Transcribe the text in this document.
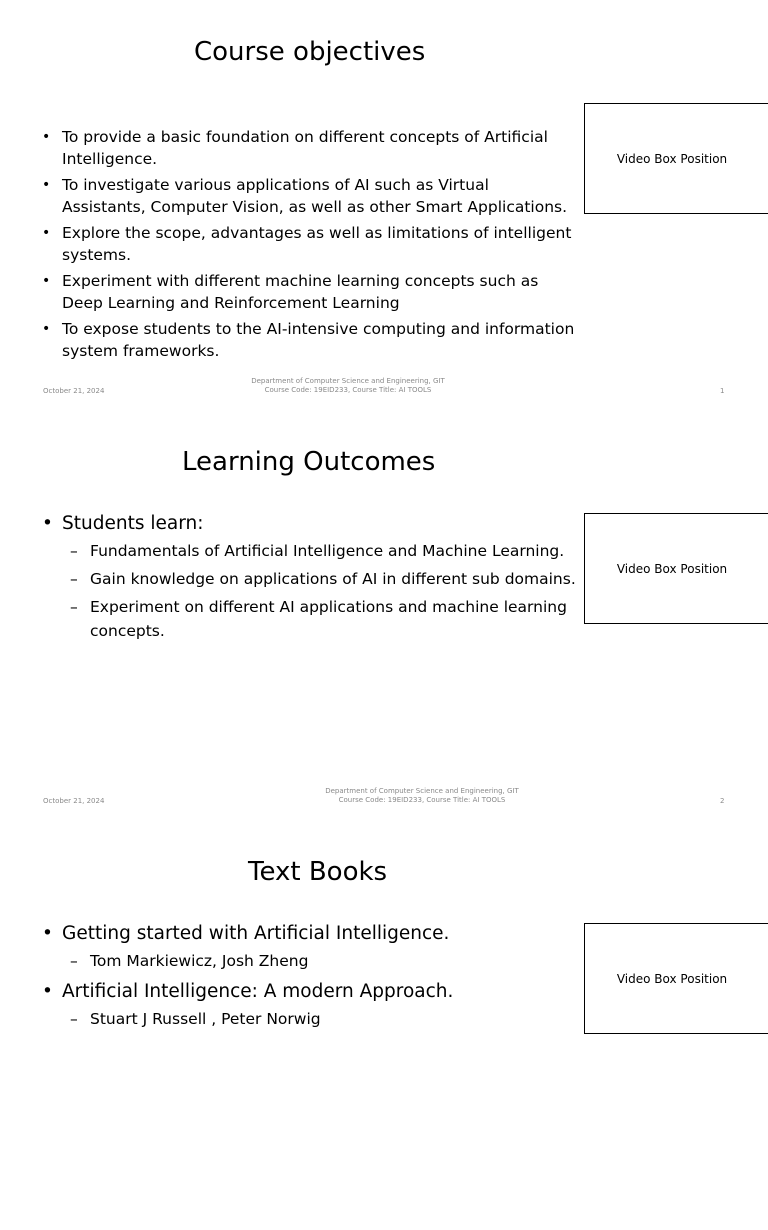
Course objectives
Video Box Position
• To provide a basic foundation on different concepts of Artificial Intelligence.
• To investigate various applications of AI such as Virtual Assistants, Computer Vision, as well as other Smart Applications.
• Explore the scope, advantages as well as limitations of intelligent systems.
• Experiment with different machine learning concepts such as Deep Learning and Reinforcement Learning
• To expose students to the AI-intensive computing and information system frameworks.
October 21, 2024
Department of Computer Science and Engineering, GIT
Course Code: 19EID233, Course Title: AI TOOLS	1
Learning Outcomes
Video Box Position
• Students learn:
– Fundamentals of Artificial Intelligence and Machine Learning.
– Gain knowledge on applications of AI in different sub domains.
– Experiment on different AI applications and machine learning concepts.
October 21, 2024
Department of Computer Science and Engineering, GIT
Course Code: 19EID233, Course Title: AI TOOLS	2
Text Books
Video Box Position
• Getting started with Artificial Intelligence.
– Tom Markiewicz, Josh Zheng
• Artificial Intelligence: A modern Approach.
– Stuart J Russell , Peter Norwig
